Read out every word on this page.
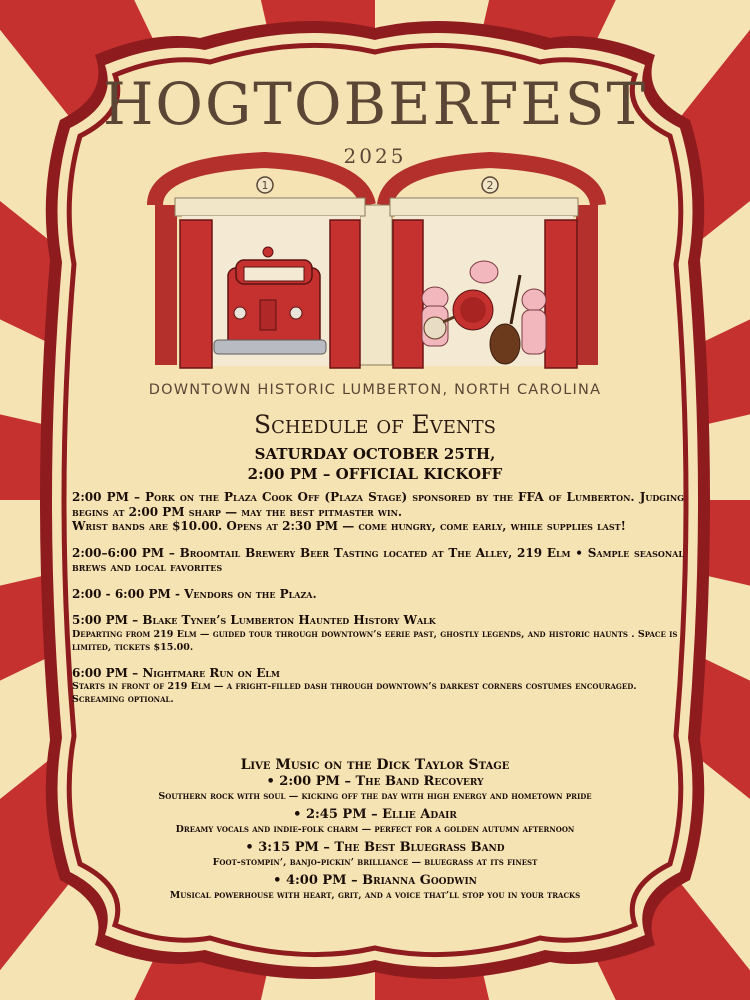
1	2
HOGTOBERFEST
2025
DOWNTOWN HISTORIC LUMBERTON, NORTH CAROLINA
Schedule of Events
SATURDAY OCTOBER 25TH,
2:00 PM – OFFICIAL KICKOFF
2:00 PM – Pork on the Plaza Cook Off (Plaza Stage) sponsored by the FFA of Lumberton. Judging begins at 2:00 PM sharp — may the best pitmaster win.
Wrist bands are $10.00. Opens at 2:30 PM — come hungry, come early, while supplies last!
2:00–6:00 PM – Broomtail Brewery Beer Tasting located at The Alley, 219 Elm • Sample seasonal brews and local favorites
2:00 - 6:00 PM - Vendors on the Plaza.
5:00 PM – Blake Tyner’s Lumberton Haunted History Walk
Departing from 219 Elm — guided tour through downtown’s eerie past, ghostly legends, and historic haunts . Space is limited, tickets $15.00.
6:00 PM – Nightmare Run on Elm
Starts in front of 219 Elm — a fright-filled dash through downtown’s darkest corners costumes encouraged. Screaming optional.
Live Music on the Dick Taylor Stage
• 2:00 PM – The Band Recovery
Southern rock with soul — kicking off the day with high energy and hometown pride
• 2:45 PM – Ellie Adair
Dreamy vocals and indie-folk charm — perfect for a golden autumn afternoon
• 3:15 PM – The Best Bluegrass Band
Foot-stompin’, banjo-pickin’ brilliance — bluegrass at its finest
• 4:00 PM – Brianna Goodwin
Musical powerhouse with heart, grit, and a voice that’ll stop you in your tracks
